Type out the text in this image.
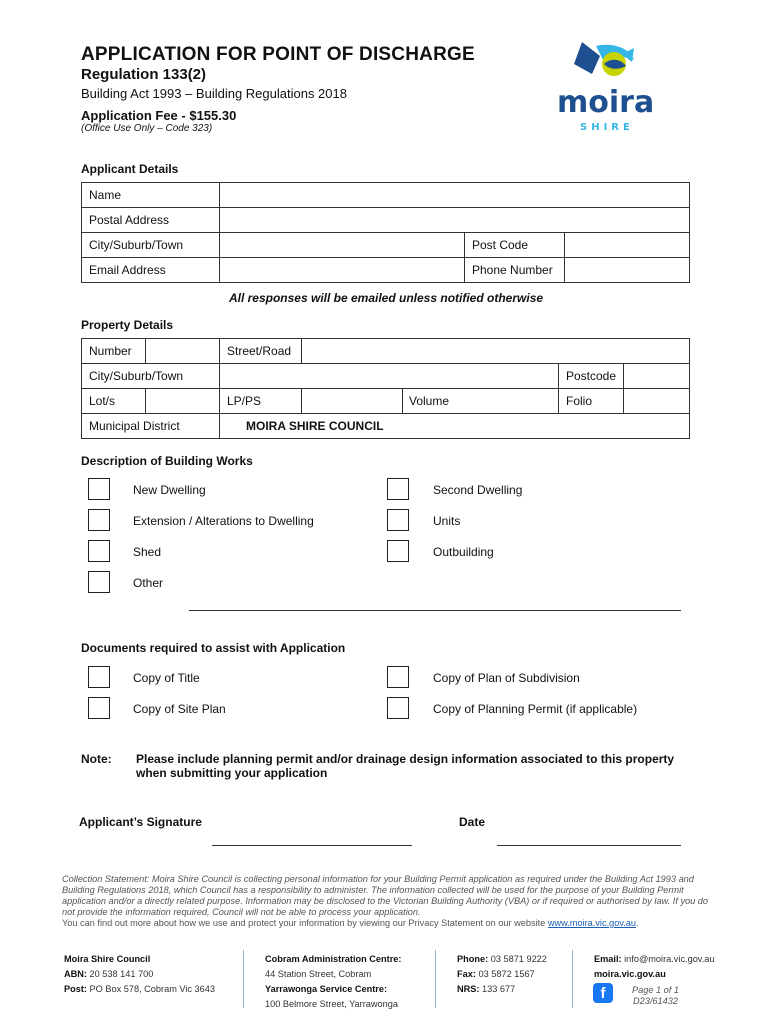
APPLICATION FOR POINT OF DISCHARGE
Regulation 133(2)
Building Act 1993 – Building Regulations 2018
Application Fee - $155.30
(Office Use Only – Code 323)
moira
SHIRE
Applicant Details
Name			
Postal Address			
City/Suburb/Town		Post Code	
Email Address		Phone Number	
All responses will be emailed unless notified otherwise
Property Details
Number		Street/Road				
City/Suburb/Town					Postcode	
Lot/s		LP/PS		Volume	Folio	
Municipal District		MOIRA SHIRE COUNCIL				
Description of Building Works
New Dwelling	Second Dwelling
Extension / Alterations to Dwelling	Units
Shed	Outbuilding
Other
Documents required to assist with Application
Copy of Title	Copy of Plan of Subdivision
Copy of Site Plan	Copy of Planning Permit (if applicable)
Note: Please include planning permit and/or drainage design information associated to this property when submitting your application
Applicant’s Signature	Date
Collection Statement: Moira Shire Council is collecting personal information for your Building Permit application as required under the Building Act 1993 and Building Regulations 2018, which Council has a responsibility to administer. The information collected will be used for the purpose of your Building Permit application and/or a directly related purpose. Information may be disclosed to the Victorian Building Authority (VBA) or if required or authorised by law. If you do not provide the information required, Council will not be able to process your application.
You can find out more about how we use and protect your information by viewing our Privacy Statement on our website www.moira.vic.gov.au.
Moira Shire Council
ABN: 20 538 141 700
Post: PO Box 578, Cobram Vic 3643
Cobram Administration Centre:
44 Station Street, Cobram
Yarrawonga Service Centre:
100 Belmore Street, Yarrawonga
Phone: 03 5871 9222
Fax: 03 5872 1567
NRS: 133 677
Email: info@moira.vic.gov.au
moira.vic.gov.au
f	Page 1 of 1
D23/61432
